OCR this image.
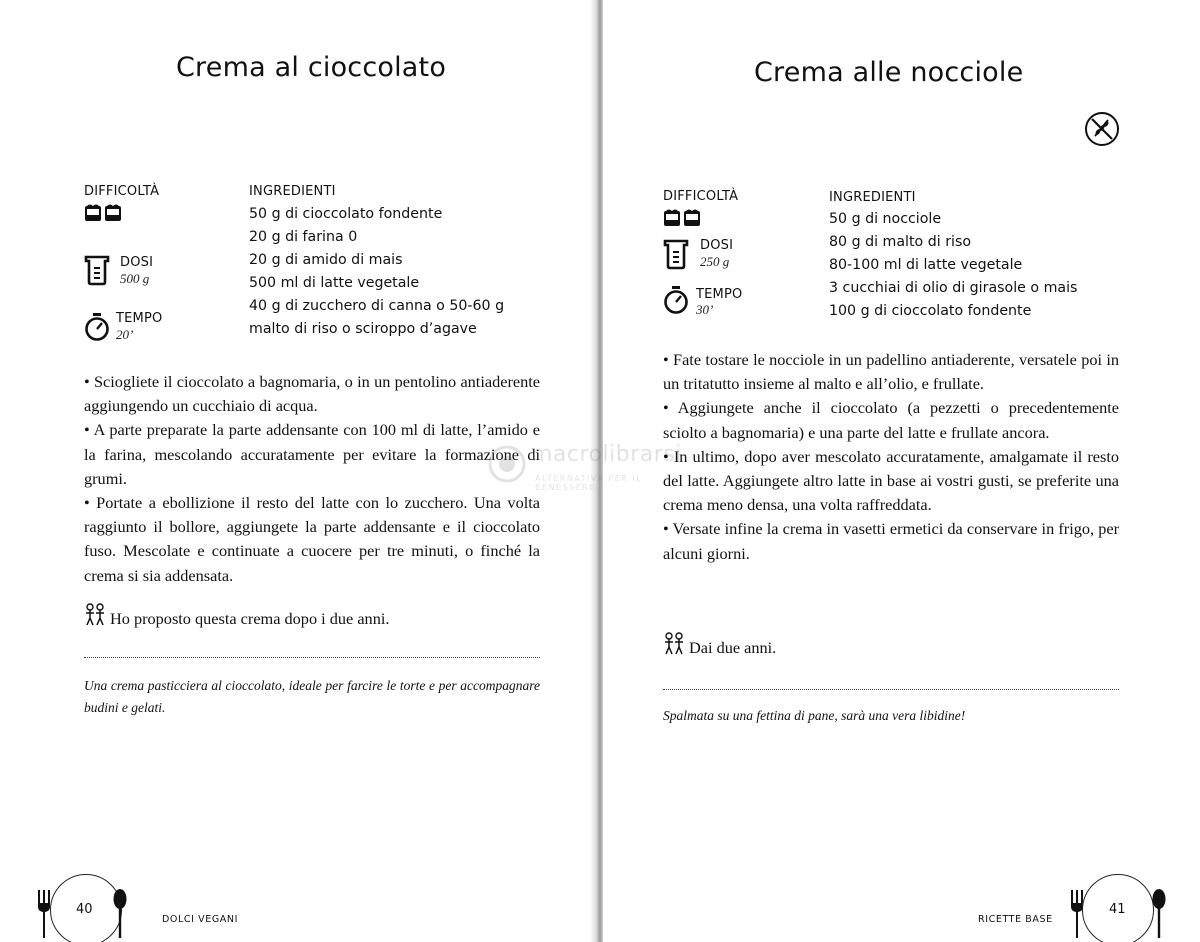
Crema al cioccolato
DIFFICOLTÀ
DOSI
500 g
TEMPO
20’
INGREDIENTI
50 g di cioccolato fondente
20 g di farina 0
20 g di amido di mais
500 ml di latte vegetale
40 g di zucchero di canna o 50-60 g
malto di riso o sciroppo d’agave

• Sciogliete il cioccolato a bagnomaria, o in un pentolino antiaderente aggiungendo un cucchiaio di acqua.

• A parte preparate la parte addensante con 100 ml di latte, l’amido e la farina, mescolando accuratamente per evitare la formazione di grumi.

• Portate a ebollizione il resto del latte con lo zucchero. Una volta raggiunto il bollore, aggiungete la parte addensante e il cioccolato fuso. Mescolate e continuate a cuocere per tre minuti, o finché la crema si sia addensata.

Ho proposto questa crema dopo i due anni.

Una crema pasticciera al cioccolato, ideale per farcire le torte e per accompagnare budini e gelati.

40
DOLCI VEGANI
Crema alle nocciole
DIFFICOLTÀ
DOSI
250 g
TEMPO
30’
INGREDIENTI
50 g di nocciole
80 g di malto di riso
80-100 ml di latte vegetale
3 cucchiai di olio di girasole o mais
100 g di cioccolato fondente

• Fate tostare le nocciole in un padellino antiaderente, versatele poi in un tritatutto insieme al malto e all’olio, e frullate.

• Aggiungete anche il cioccolato (a pezzetti o precedentemente sciolto a bagnomaria) e una parte del latte e frullate ancora.

• In ultimo, dopo aver mescolato accuratamente, amalgamate il resto del latte. Aggiungete altro latte in base ai vostri gusti, se preferite una crema meno densa, una volta raffreddata.

• Versate infine la crema in vasetti ermetici da conservare in frigo, per alcuni giorni.

Dai due anni.

Spalmata su una fettina di pane, sarà una vera libidine!

RICETTE BASE
41
macrolibrarsi
ALTERNATIVA PER IL BENESSERE
